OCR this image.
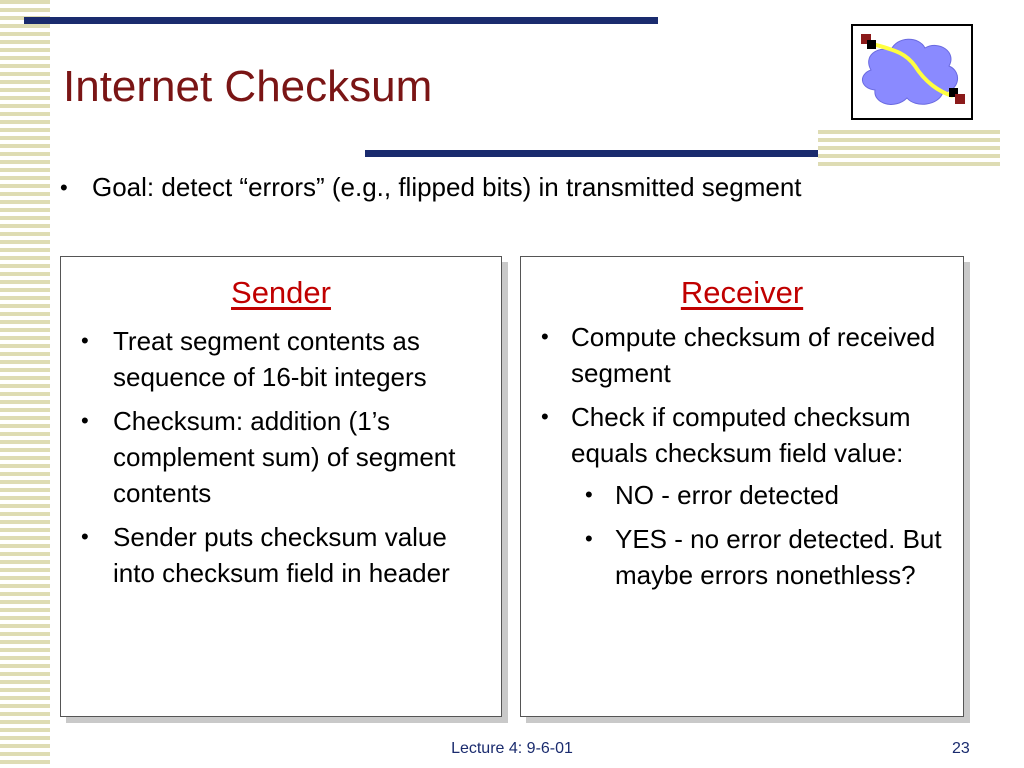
Internet Checksum
• Goal: detect “errors” (e.g., flipped bits) in transmitted segment
Sender
• Treat segment contents as sequence of 16-bit integers
• Checksum: addition (1’s complement sum) of segment contents
• Sender puts checksum value into checksum field in header
Receiver
• Compute checksum of received segment
• Check if computed checksum equals checksum field value:
• NO - error detected
• YES - no error detected. But maybe errors nonethless?
Lecture 4: 9-6-01	23
